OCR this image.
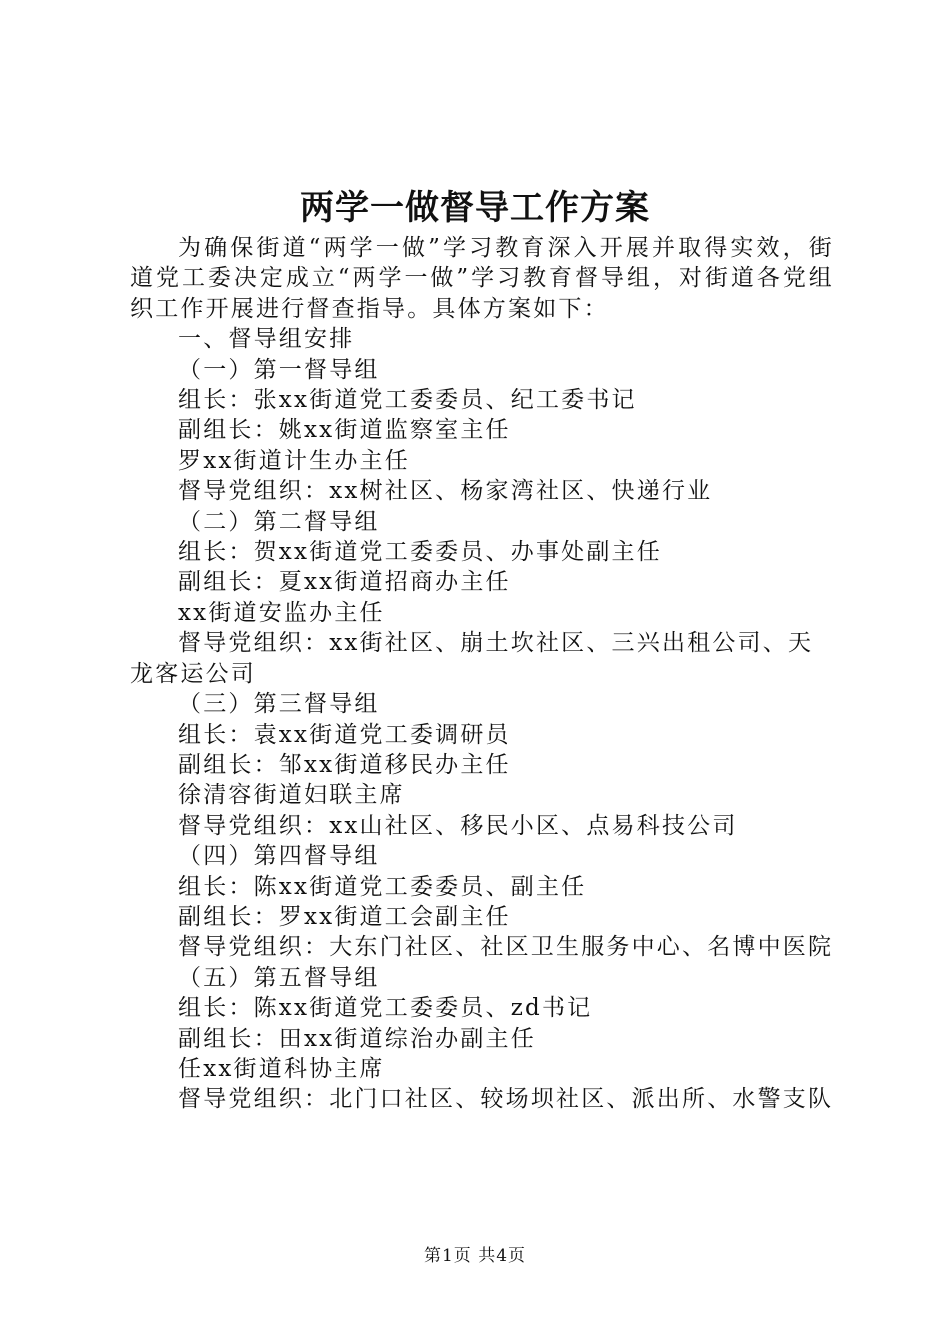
两学一做督导工作方案

为确保街道“两学一做”学习教育深入开展并取得实效，街道党工委决定成立“两学一做”学习教育督导组，对街道各党组织工作开展进行督查指导。具体方案如下：

一、督导组安排

（一）第一督导组

组长：张xx街道党工委委员、纪工委书记

副组长：姚xx街道监察室主任

罗xx街道计生办主任

督导党组织：xx树社区、杨家湾社区、快递行业

（二）第二督导组

组长：贺xx街道党工委委员、办事处副主任

副组长：夏xx街道招商办主任

xx街道安监办主任

督导党组织：xx街社区、崩土坎社区、三兴出租公司、天龙客运公司

（三）第三督导组

组长：袁xx街道党工委调研员

副组长：邹xx街道移民办主任

徐清容街道妇联主席

督导党组织：xx山社区、移民小区、点易科技公司

（四）第四督导组

组长：陈xx街道党工委委员、副主任

副组长：罗xx街道工会副主任

督导党组织：大东门社区、社区卫生服务中心、名博中医院

（五）第五督导组

组长：陈xx街道党工委委员、zd书记

副组长：田xx街道综治办副主任

任xx街道科协主席

督导党组织：北门口社区、较场坝社区、派出所、水警支队

第1页 共4页
